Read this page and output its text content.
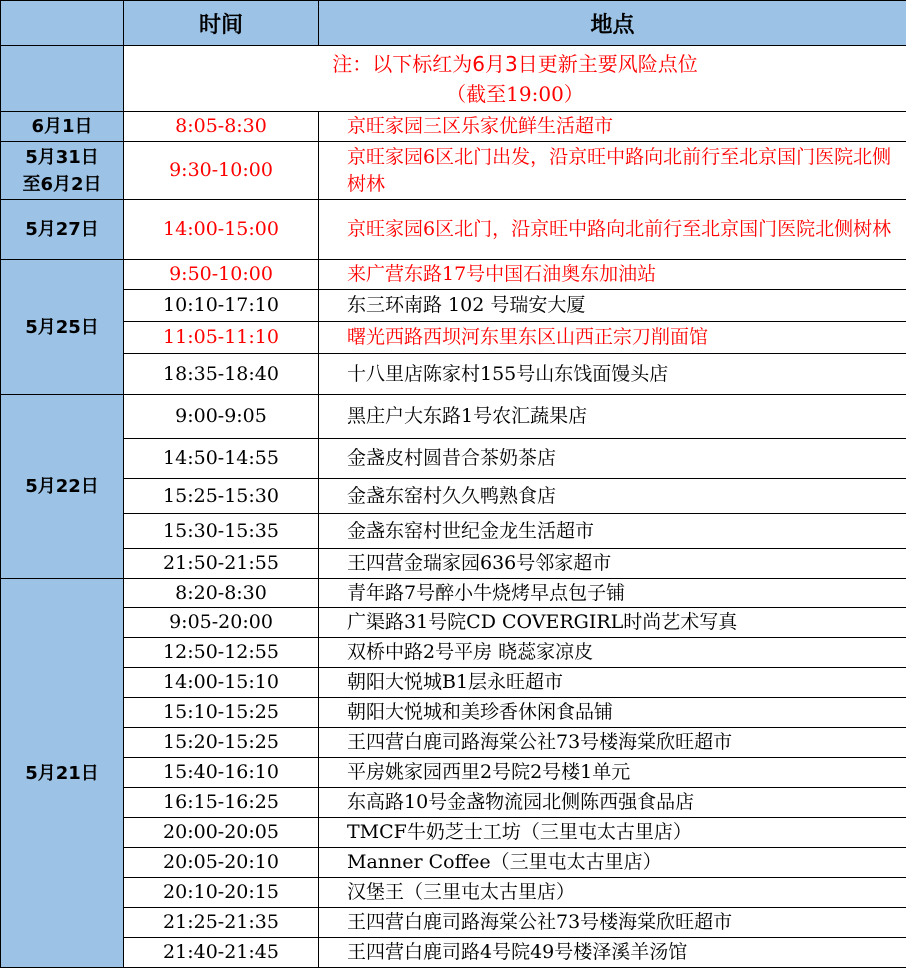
	时间	地点

	注：以下标红为6月3日更新主要风险点位
（截至19:00）	

6月1日	8:05-8:30	京旺家园三区乐家优鲜生活超市

5月31日
至6月2日	9:30-10:00	京旺家园6区北门出发，沿京旺中路向北前行至北京国门医院北侧树林
5月27日	14:00-15:00	京旺家园6区北门，沿京旺中路向北前行至北京国门医院北侧树林
5月25日	9:50-10:00	来广营东路17号中国石油奥东加油站
	10:10-17:10	东三环南路 102 号瑞安大厦
	11:05-11:10	曙光西路西坝河东里东区山西正宗刀削面馆
	18:35-18:40	十八里店陈家村155号山东饯面馒头店
5月22日	9:00-9:05	黑庄户大东路1号农汇蔬果店
	14:50-14:55	金盏皮村圆昔合茶奶茶店
	15:25-15:30	金盏东窑村久久鸭熟食店
	15:30-15:35	金盏东窑村世纪金龙生活超市
	21:50-21:55	王四营金瑞家园636号邻家超市
5月21日	8:20-8:30	青年路7号醉小牛烧烤早点包子铺
	9:05-20:00	广渠路31号院CD COVERGIRL时尚艺术写真
	12:50-12:55	双桥中路2号平房 晓蕊家凉皮
	14:00-15:10	朝阳大悦城B1层永旺超市
	15:10-15:25	朝阳大悦城和美珍香休闲食品铺
	15:20-15:25	王四营白鹿司路海棠公社73号楼海棠欣旺超市
	15:40-16:10	平房姚家园西里2号院2号楼1单元
	16:15-16:25	东高路10号金盏物流园北侧陈西强食品店
	20:00-20:05	TMCF牛奶芝士工坊（三里屯太古里店）
	20:05-20:10	Manner Coffee（三里屯太古里店）
	20:10-20:15	汉堡王（三里屯太古里店）
	21:25-21:35	王四营白鹿司路海棠公社73号楼海棠欣旺超市
	21:40-21:45	王四营白鹿司路4号院49号楼泽溪羊汤馆
